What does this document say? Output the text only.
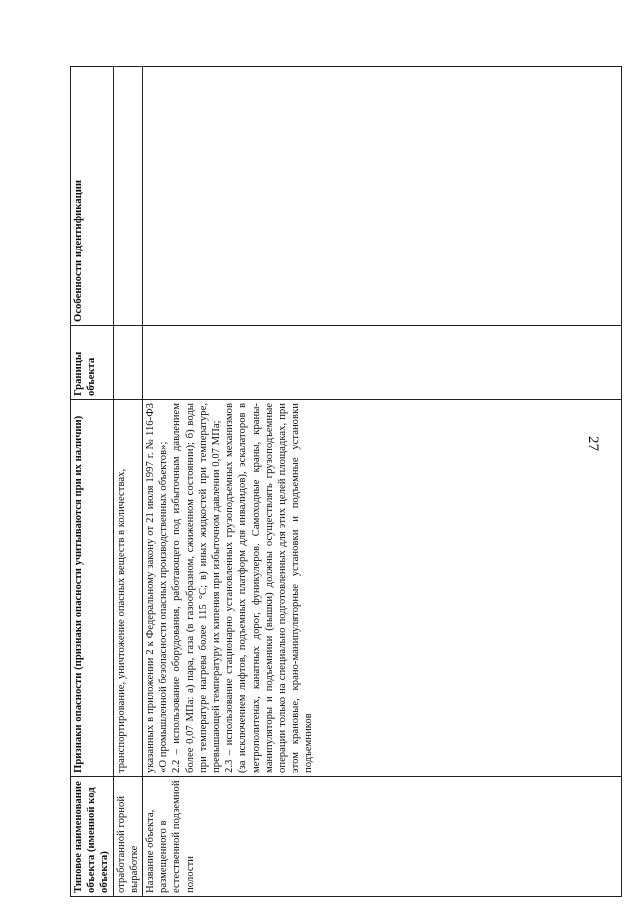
27
Типовое наименование объекта (именной код объекта)	Признаки опасности (признаки опасности учитываются при их наличии)	Границы объекта	Особенности идентификации
отработанной горной выработке	транспортирование, уничтожение опасных веществ в количествах,		

Название объекта, размещенного в естественной подземной полости	указанных в приложении 2 к Федеральному закону от 21 июля 1997 г. № 116-ФЗ «О промышленной безопасности опасных производственных объектов»; 2.2 – использование оборудования, работающего под избыточным давлением более 0,07 МПа: а) пара, газа (в газообразном, сжиженном состоянии); б) воды при температуре нагрева более 115 °С; в) иных жидкостей при температуре, превышающей температуру их кипения при избыточном давлении 0,07 МПа; 2.3 – использование стационарно установленных грузоподъемных механизмов (за исключением лифтов, подъемных платформ для инвалидов), эскалаторов в метрополитенах, канатных дорог, фуникулеров. Самоходные краны, краны-манипуляторы и подъемники (вышки) должны осуществлять грузоподъемные операции только на специально подготовленных для этих целей площадках, при этом крановые, крано-манипуляторные установки и подъемные установки подъемников		

ˈ
